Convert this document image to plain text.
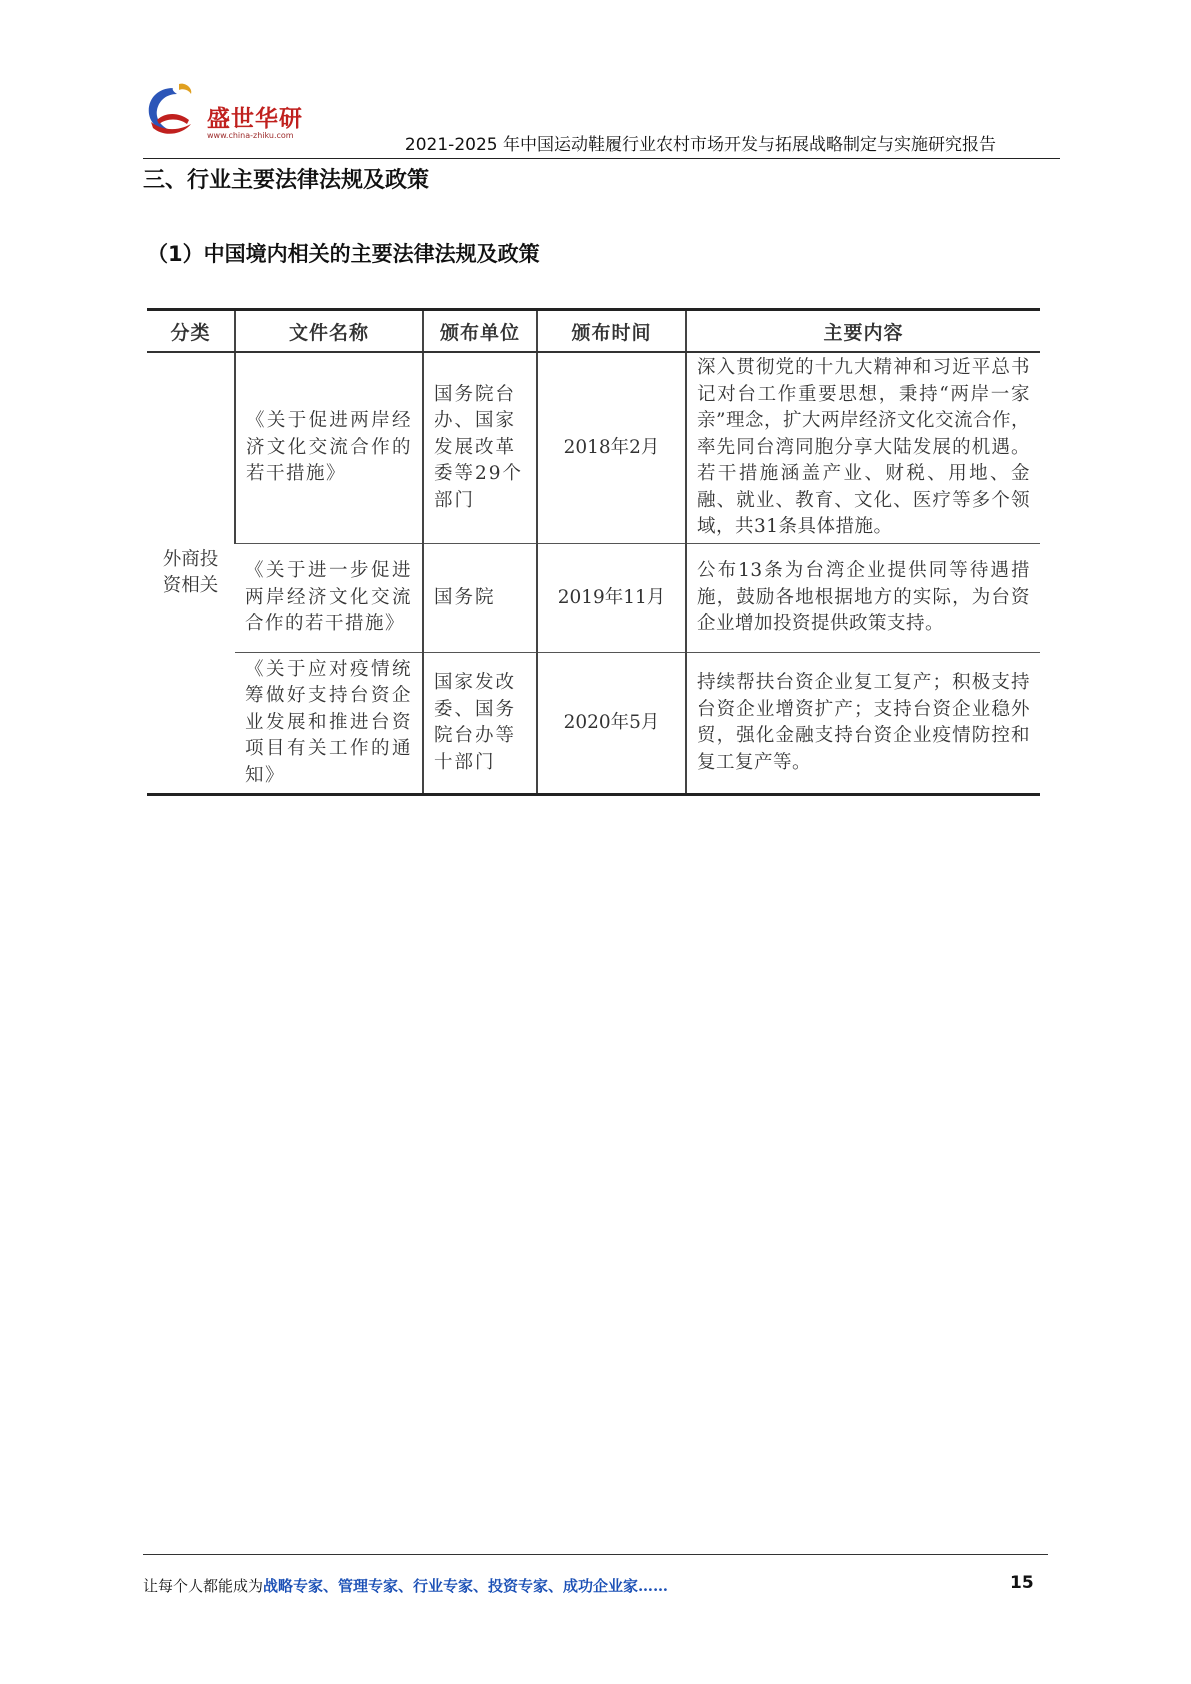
盛世华研
www.china-zhiku.com	2021-2025 年中国运动鞋履行业农村市场开发与拓展战略制定与实施研究报告
三、行业主要法律法规及政策
（1）中国境内相关的主要法律法规及政策
分类	文件名称	颁布单位	颁布时间	主要内容
外商投资相关	《关于促进两岸经济文化交流合作的若干措施》	国务院台办、国家发展改革委等29个部门	2018年2月	深入贯彻党的十九大精神和习近平总书记对台工作重要思想，秉持“两岸一家亲”理念，扩大两岸经济文化交流合作，率先同台湾同胞分享大陆发展的机遇。若干措施涵盖产业、财税、用地、金融、就业、教育、文化、医疗等多个领域，共31条具体措施。
	《关于进一步促进两岸经济文化交流合作的若干措施》	国务院	2019年11月	公布13条为台湾企业提供同等待遇措施，鼓励各地根据地方的实际，为台资企业增加投资提供政策支持。
	《关于应对疫情统筹做好支持台资企业发展和推进台资项目有关工作的通知》	国家发改委、国务院台办等十部门	2020年5月	持续帮扶台资企业复工复产；积极支持台资企业增资扩产；支持台资企业稳外贸，强化金融支持台资企业疫情防控和复工复产等。
让每个人都能成为战略专家、管理专家、行业专家、投资专家、成功企业家……	15
